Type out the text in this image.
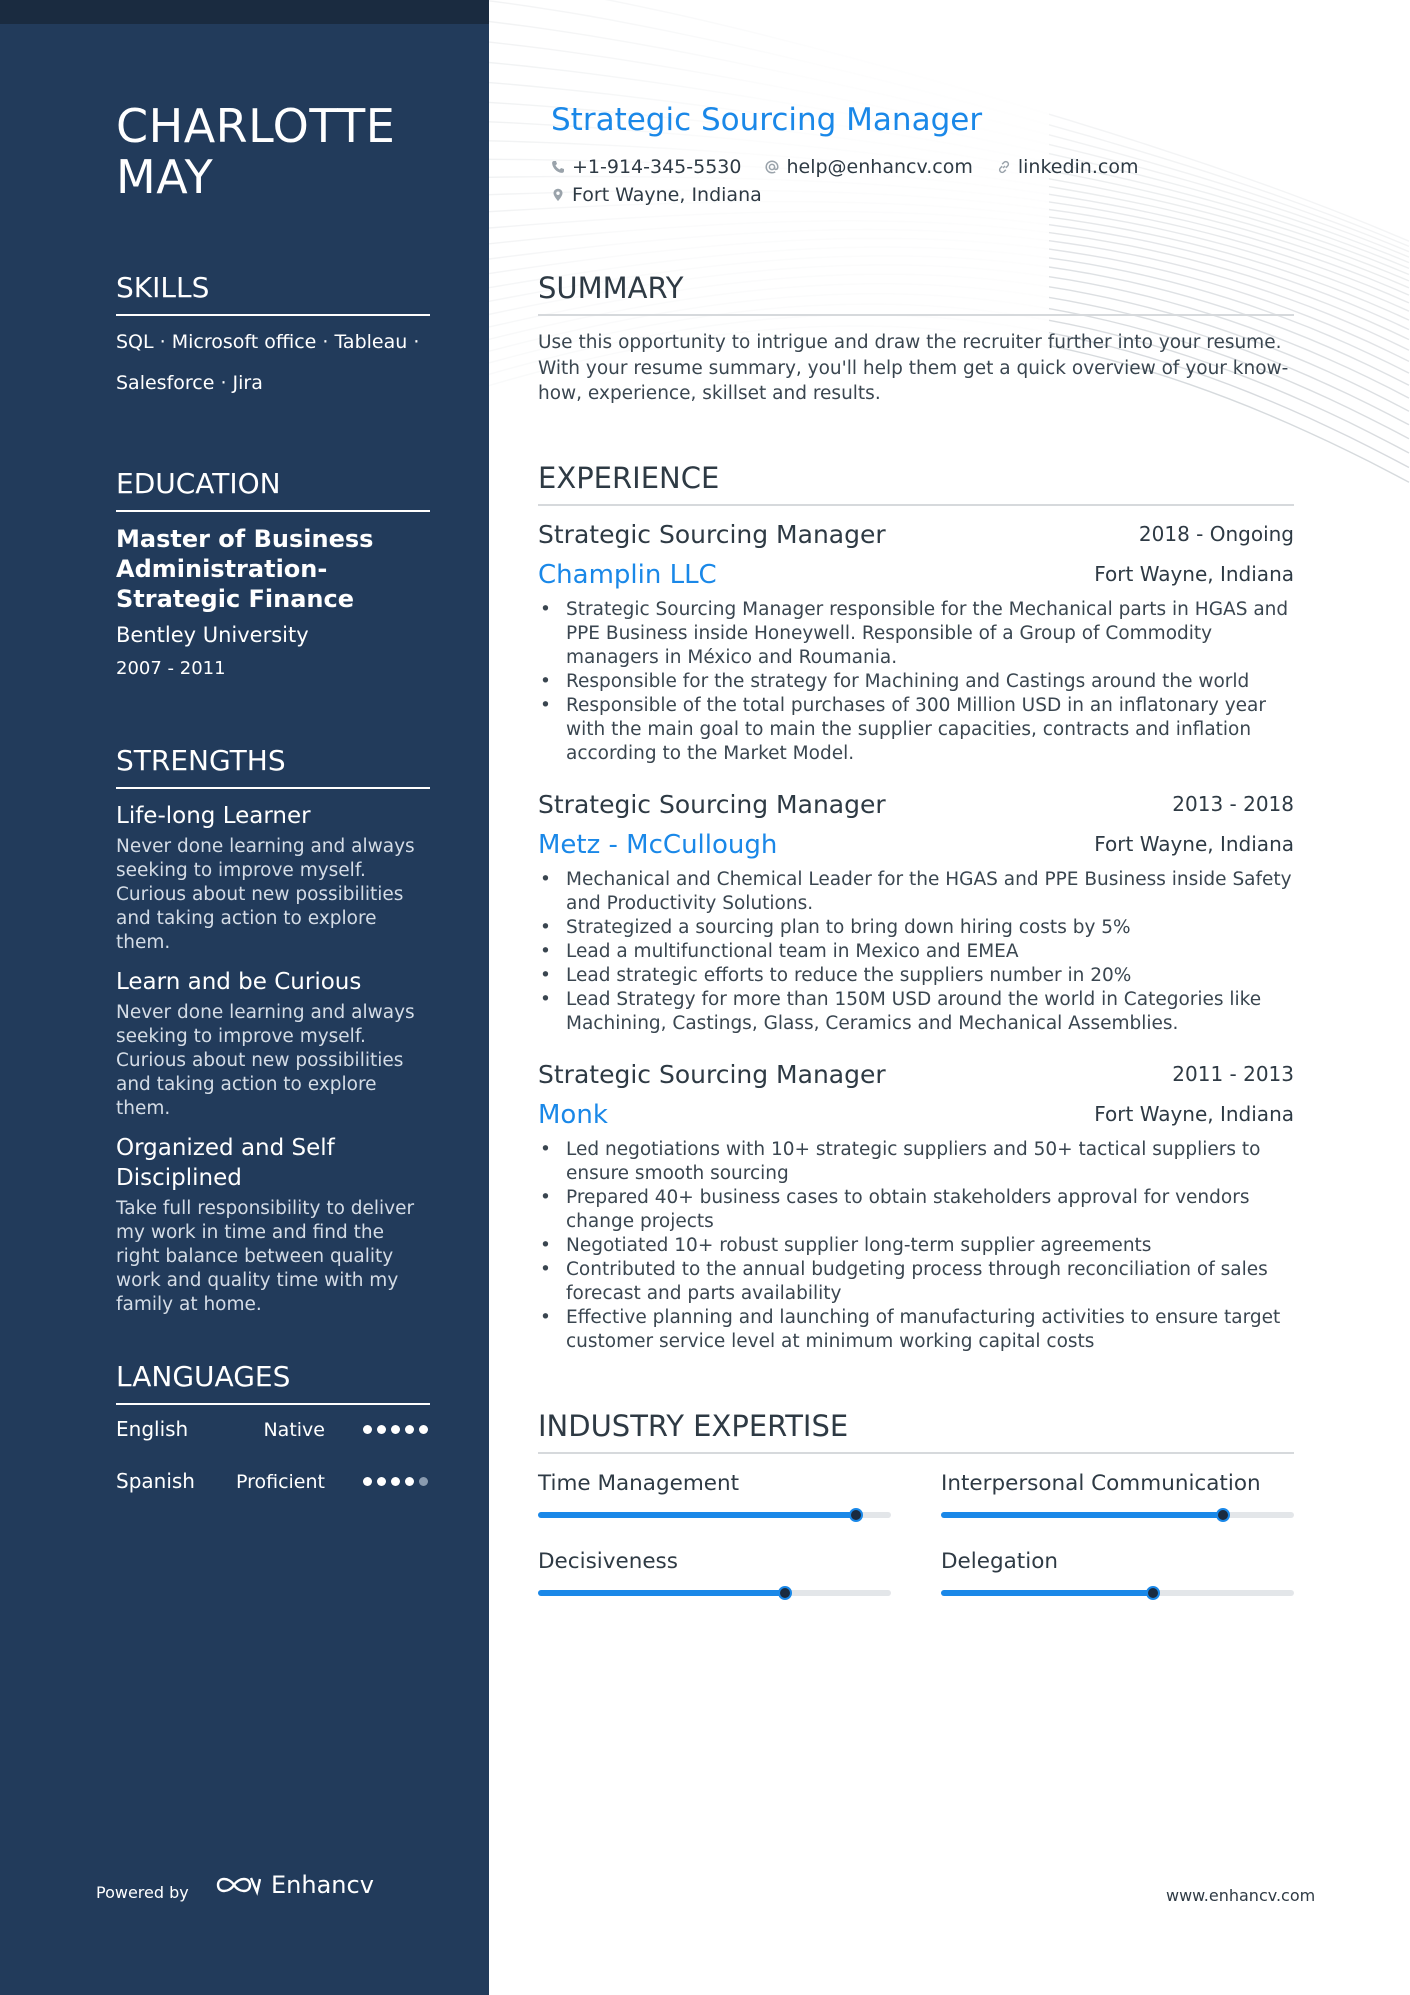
CHARLOTTE
MAY
SKILLS
SQL · Microsoft office · Tableau ·
Salesforce · Jira
EDUCATION
Master of Business Administration- Strategic Finance
Bentley University
2007 - 2011
STRENGTHS
Life-long Learner
Never done learning and always seeking to improve myself. Curious about new possibilities and taking action to explore them.
Learn and be Curious
Never done learning and always seeking to improve myself. Curious about new possibilities and taking action to explore them.
Organized and Self Disciplined
Take full responsibility to deliver my work in time and find the right balance between quality work and quality time with my family at home.
LANGUAGES
English	Native
Spanish Proficient
Powered by	Enhancv
Strategic Sourcing Manager
+1-914-345-5530 help@enhancv.com linkedin.com
Fort Wayne, Indiana
SUMMARY
Use this opportunity to intrigue and draw the recruiter further into your resume. With your resume summary, you'll help them get a quick overview of your know-how, experience, skillset and results.
EXPERIENCE
Strategic Sourcing Manager	2018 - Ongoing
Champlin LLC	Fort Wayne, Indiana
• Strategic Sourcing Manager responsible for the Mechanical parts in HGAS and PPE Business inside Honeywell. Responsible of a Group of Commodity managers in México and Roumania.
• Responsible for the strategy for Machining and Castings around the world
• Responsible of the total purchases of 300 Million USD in an inflatonary year with the main goal to main the supplier capacities, contracts and inflation according to the Market Model.
Strategic Sourcing Manager	2013 - 2018
Metz - McCullough	Fort Wayne, Indiana
• Mechanical and Chemical Leader for the HGAS and PPE Business inside Safety and Productivity Solutions.
• Strategized a sourcing plan to bring down hiring costs by 5%
• Lead a multifunctional team in Mexico and EMEA
• Lead strategic efforts to reduce the suppliers number in 20%
• Lead Strategy for more than 150M USD around the world in Categories like Machining, Castings, Glass, Ceramics and Mechanical Assemblies.
Strategic Sourcing Manager	2011 - 2013
Monk	Fort Wayne, Indiana
• Led negotiations with 10+ strategic suppliers and 50+ tactical suppliers to ensure smooth sourcing
• Prepared 40+ business cases to obtain stakeholders approval for vendors change projects
• Negotiated 10+ robust supplier long-term supplier agreements
• Contributed to the annual budgeting process through reconciliation of sales forecast and parts availability
• Effective planning and launching of manufacturing activities to ensure target customer service level at minimum working capital costs
INDUSTRY EXPERTISE
Time Management	Interpersonal Communication
Decisiveness	Delegation
www.enhancv.com
